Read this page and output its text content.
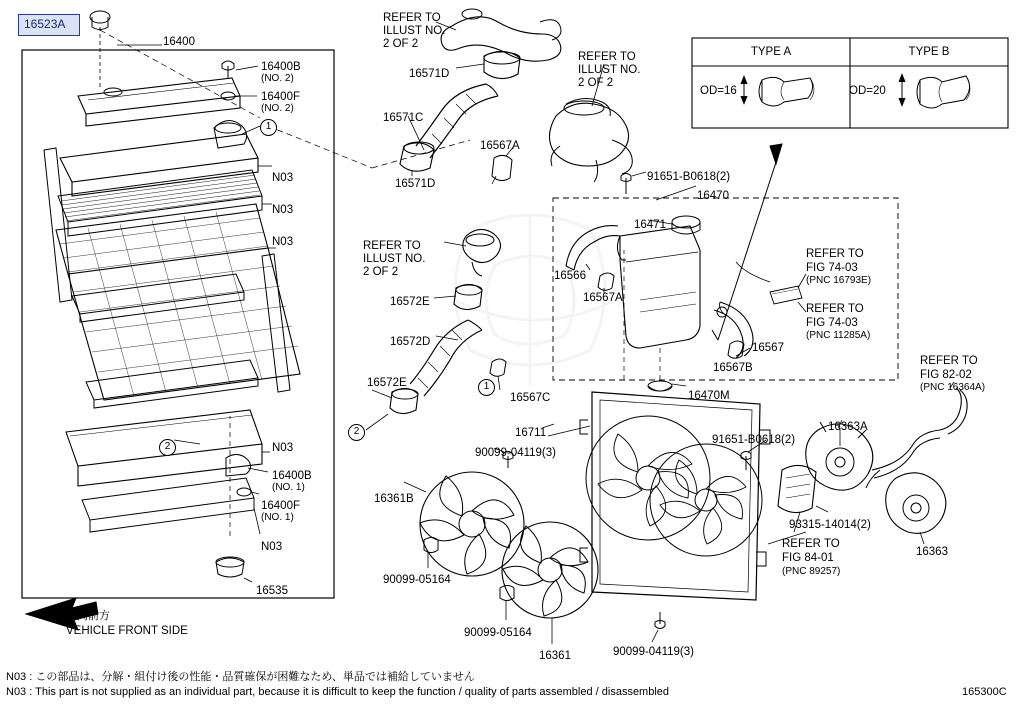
16523A
16400
16400B
(NO. 2)
16400F
(NO. 2)
N03
N03
N03
N03
16400B
(NO. 1)
16400F
(NO. 1)
N03
16535
REFER TO
ILLUST NO.
2 OF 2
16571D
16571C
16571D
16567A
REFER TO
ILLUST NO.
2 OF 2
91651-B0618(2)
16470
16471
16566
16567A
REFER TO
FIG 74-03
(PNC 16793E)
REFER TO
FIG 74-03
(PNC 11285A)
16567
16567B
REFER TO
ILLUST NO.
2 OF 2
16572E
16572D
16572E
16567C	16470M
16711
90099-04119(3)
91651-B0618(2)
16363A
REFER TO
FIG 82-02
(PNC 16364A)
16361B
90099-05164
90099-05164
16361	90099-04119(3)
REFER TO
FIG 84-01
(PNC 89257)
93315-14014(2)
16363
1
2
2
1
TYPE A	TYPE B
OD=16	OD=20
車両前方
VEHICLE FRONT SIDE
N03 : この部品は、分解・組付け後の性能・品質確保が困難なため、単品では補給していません
N03 : This part is not supplied as an individual part, because it is difficult to keep the function / quality of parts assembled / disassembled	165300C
